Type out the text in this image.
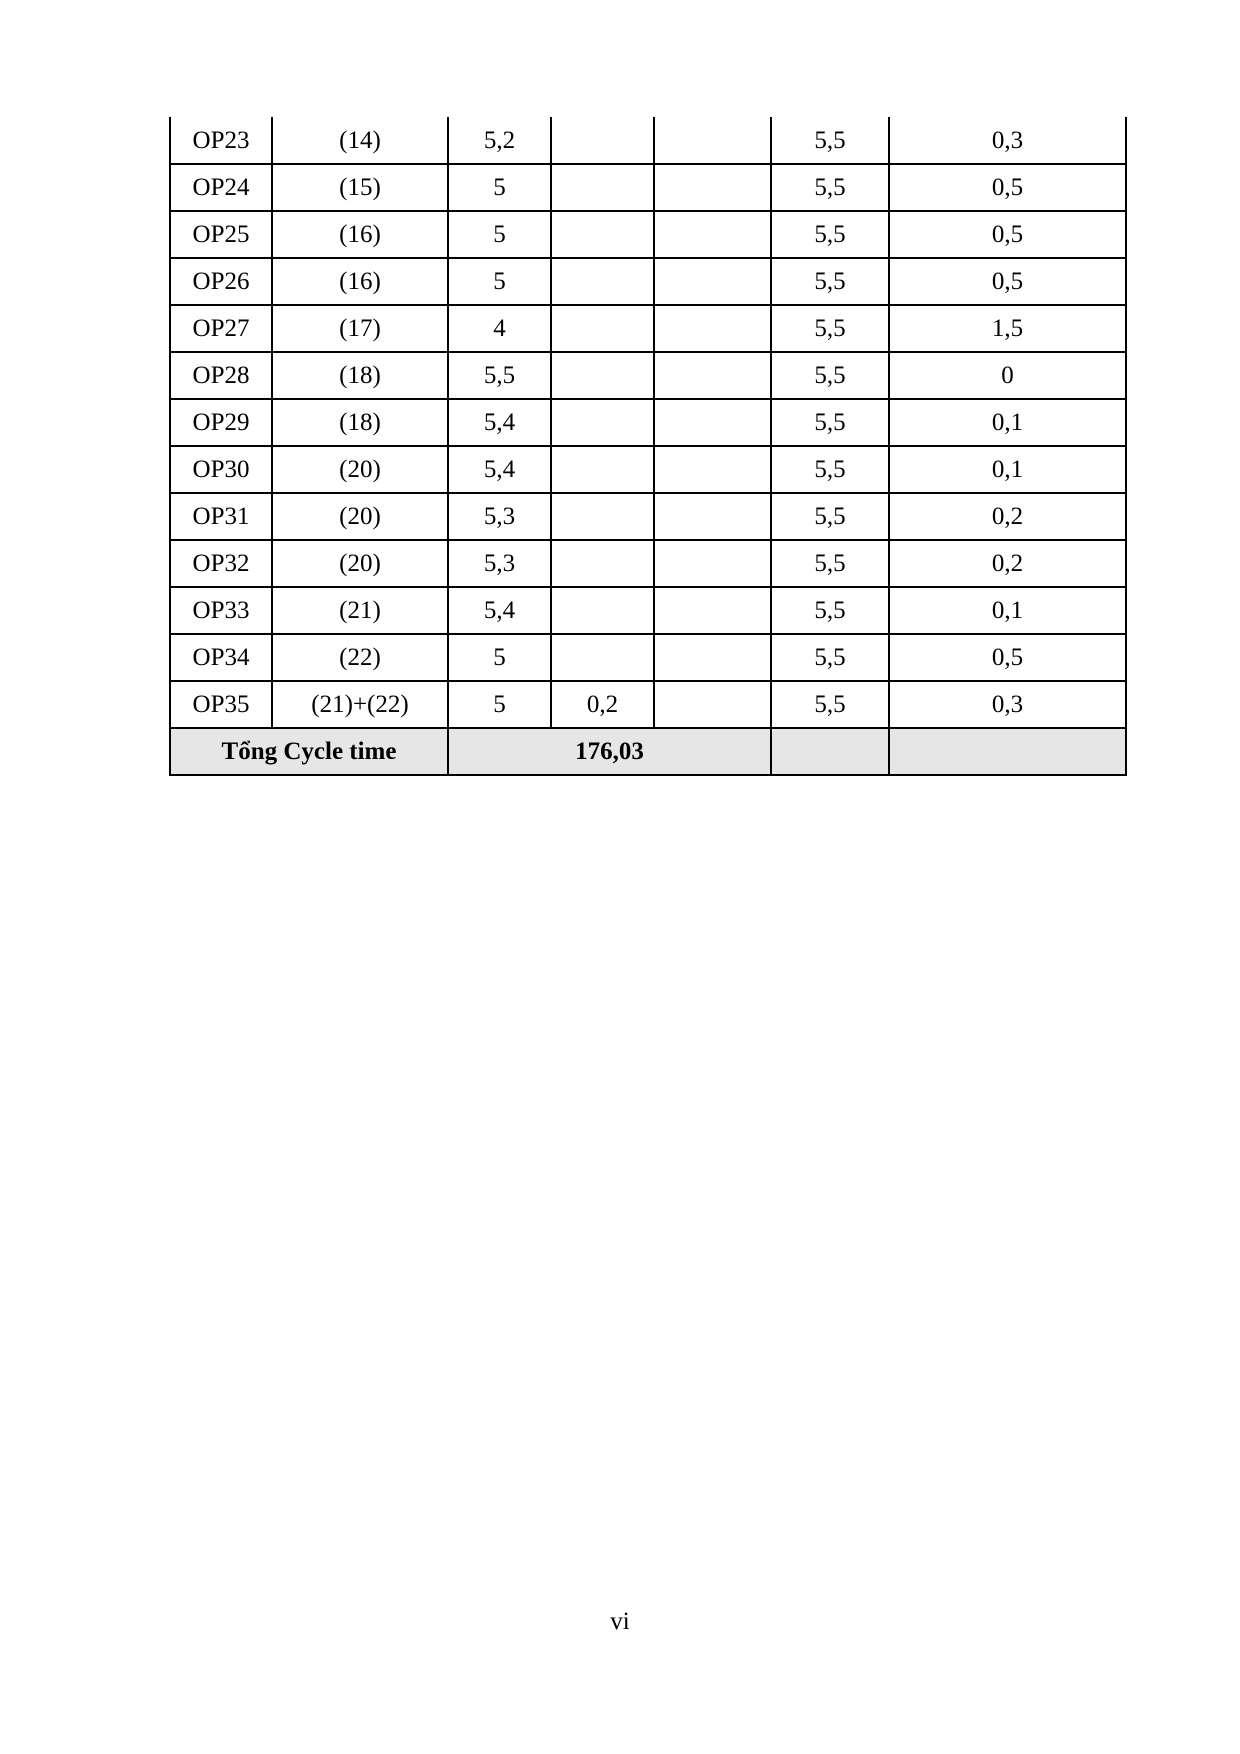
OP23	(14)	5,2			5,5	0,3
OP24	(15)	5			5,5	0,5
OP25	(16)	5			5,5	0,5
OP26	(16)	5			5,5	0,5
OP27	(17)	4			5,5	1,5
OP28	(18)	5,5			5,5	0
OP29	(18)	5,4			5,5	0,1
OP30	(20)	5,4			5,5	0,1
OP31	(20)	5,3			5,5	0,2
OP32	(20)	5,3			5,5	0,2
OP33	(21)	5,4			5,5	0,1
OP34	(22)	5			5,5	0,5
OP35	(21)+(22)	5	0,2		5,5	0,3
Tổng Cycle time		176,03				
vi
